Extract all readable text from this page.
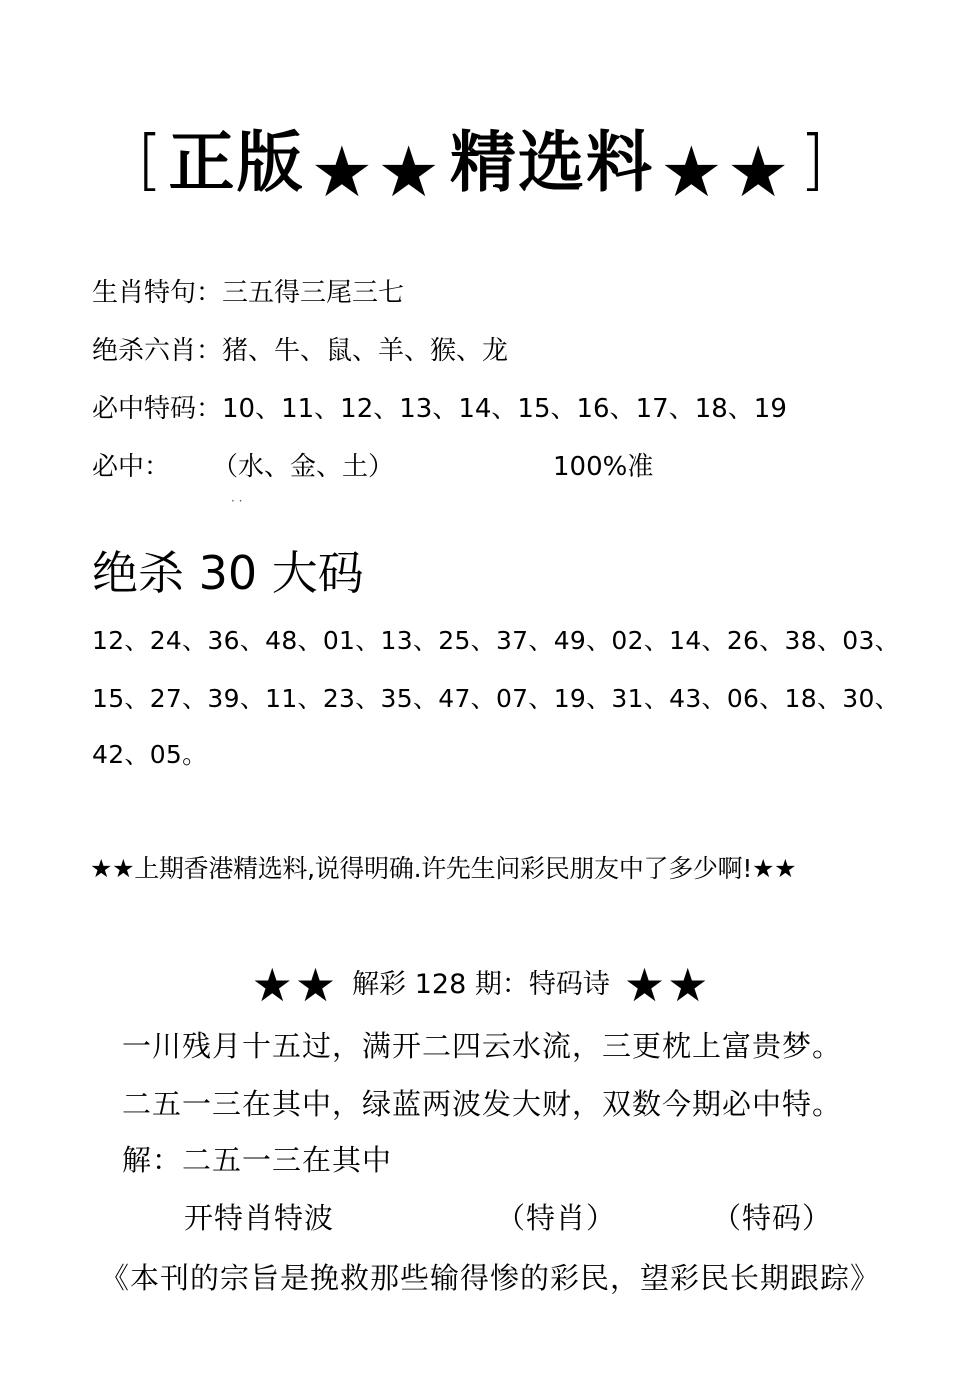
[ 正版 ★★ 精选料 ★★ ]
生肖特句：三五得三尾三七
绝杀六肖：猪、牛、鼠、羊、猴、龙
必中特码：10、11、12、13、14、15、16、17、18、19
必中： （水、金、土）	100%准
· ·
绝杀 30 大码
12、24、36、48、01、13、25、37、49、02、14、26、38、03、
15、27、39、11、23、35、47、07、19、31、43、06、18、30、
42、05。
★★上期香港精选料,说得明确.许先生问彩民朋友中了多少啊!★★
★★ 解彩 128 期：特码诗 ★★
一川残月十五过，满开二四云水流，三更枕上富贵梦。
二五一三在其中，绿蓝两波发大财，双数今期必中特。
解：二五一三在其中
开特肖特波	（特肖）	（特码）
《本刊的宗旨是挽救那些输得惨的彩民，望彩民长期跟踪》
